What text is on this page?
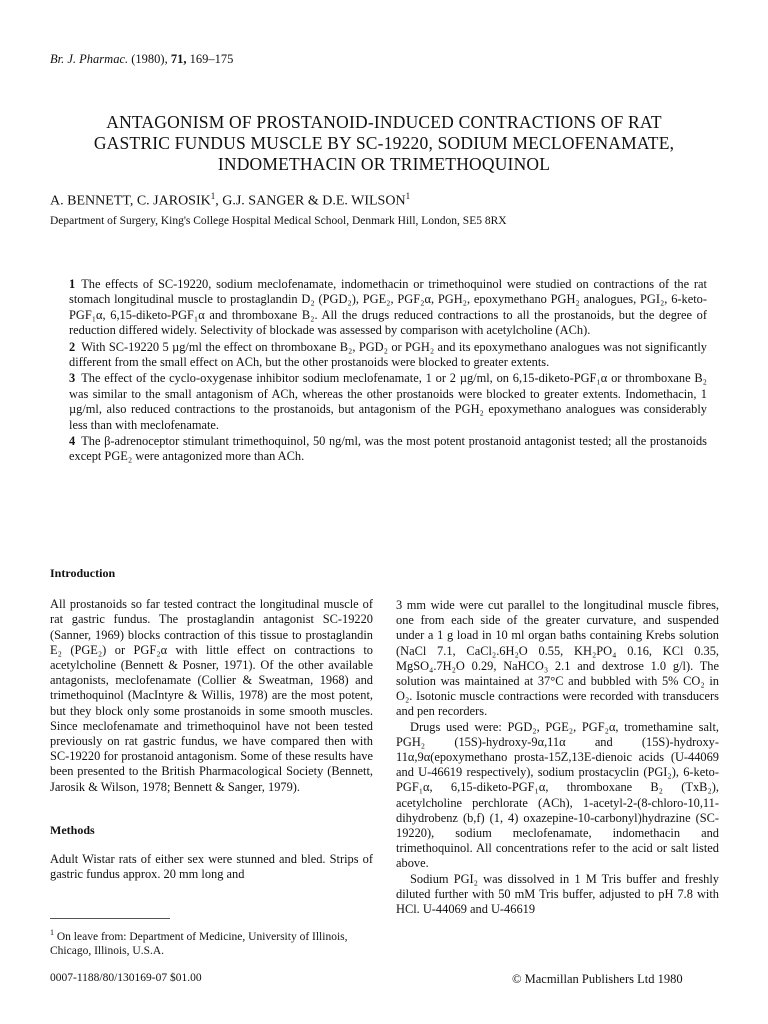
Br. J. Pharmac. (1980), 71, 169–175
ANTAGONISM OF PROSTANOID-INDUCED CONTRACTIONS OF RAT
GASTRIC FUNDUS MUSCLE BY SC-19220, SODIUM MECLOFENAMATE,
INDOMETHACIN OR TRIMETHOQUINOL
A. BENNETT, C. JAROSIK$^1$, G.J. SANGER & D.E. WILSON$^1$
Department of Surgery, King's College Hospital Medical School, Denmark Hill, London, SE5 8RX

1 The effects of SC-19220, sodium meclofenamate, indomethacin or trimethoquinol were studied on contractions of the rat stomach longitudinal muscle to prostaglandin D₂ (PGD₂), PGE₂, PGF₂α, PGH₂, epoxymethano PGH₂ analogues, PGI₂, 6-keto-PGF₁α, 6,15-diketo-PGF₁α and thromboxane B₂. All the drugs reduced contractions to all the prostanoids, but the degree of reduction differed widely. Selectivity of blockade was assessed by comparison with acetylcholine (ACh).

2 With SC-19220 5 µg/ml the effect on thromboxane B₂, PGD₂ or PGH₂ and its epoxymethano analogues was not significantly different from the small effect on ACh, but the other prostanoids were blocked to greater extents.

3 The effect of the cyclo-oxygenase inhibitor sodium meclofenamate, 1 or 2 µg/ml, on 6,15-diketo-PGF₁α or thromboxane B₂ was similar to the small antagonism of ACh, whereas the other prostanoids were blocked to greater extents. Indomethacin, 1 µg/ml, also reduced contractions to the prostanoids, but antagonism of the PGH₂ epoxymethano analogues was considerably less than with meclofenamate.

4 The β-adrenoceptor stimulant trimethoquinol, 50 ng/ml, was the most potent prostanoid antagonist tested; all the prostanoids except PGE₂ were antagonized more than ACh.

Introduction

All prostanoids so far tested contract the longitudinal muscle of rat gastric fundus. The prostaglandin antagonist SC-19220 (Sanner, 1969) blocks contraction of this tissue to prostaglandin E₂ (PGE₂) or PGF₂α with little effect on contractions to acetylcholine (Bennett & Posner, 1971). Of the other available antagonists, meclofenamate (Collier & Sweatman, 1968) and trimethoquinol (MacIntyre & Willis, 1978) are the most potent, but they block only some prostanoids in some smooth muscles. Since meclofenamate and trimethoquinol have not been tested previously on rat gastric fundus, we have compared then with SC-19220 for prostanoid antagonism. Some of these results have been presented to the British Pharmacological Society (Bennett, Jarosik & Wilson, 1978; Bennett & Sanger, 1979).

Methods

Adult Wistar rats of either sex were stunned and bled. Strips of gastric fundus approx. 20 mm long and

3 mm wide were cut parallel to the longitudinal muscle fibres, one from each side of the greater curvature, and suspended under a 1 g load in 10 ml organ baths containing Krebs solution (NaCl 7.1, CaCl₂.6H₂O 0.55, KH₂PO₄ 0.16, KCl 0.35, MgSO₄.7H₂O 0.29, NaHCO₃ 2.1 and dextrose 1.0 g/l). The solution was maintained at 37°C and bubbled with 5% CO₂ in O₂. Isotonic muscle contractions were recorded with transducers and pen recorders.

Drugs used were: PGD₂, PGE₂, PGF₂α, tromethamine salt, PGH₂ (15S)-hydroxy-9α,11α and (15S)-hydroxy-11α,9α(epoxymethano prosta-15Z,13E-dienoic acids (U-44069 and U-46619 respectively), sodium prostacyclin (PGI₂), 6-keto-PGF₁α, 6,15-diketo-PGF₁α, thromboxane B₂ (TxB₂), acetylcholine perchlorate (ACh), 1-acetyl-2-(8-chloro-10,11-dihydrobenz (b,f) (1, 4) oxazepine-10-carbonyl)hydrazine (SC-19220), sodium meclofenamate, indomethacin and trimethoquinol. All concentrations refer to the acid or salt listed above.

Sodium PGI₂ was dissolved in 1 M Tris buffer and freshly diluted further with 50 mM Tris buffer, adjusted to pH 7.8 with HCl. U-44069 and U-46619

$^1$ On leave from: Department of Medicine, University of Illinois, Chicago, Illinois, U.S.A.
0007-1188/80/130169-07 $01.00	© Macmillan Publishers Ltd 1980
